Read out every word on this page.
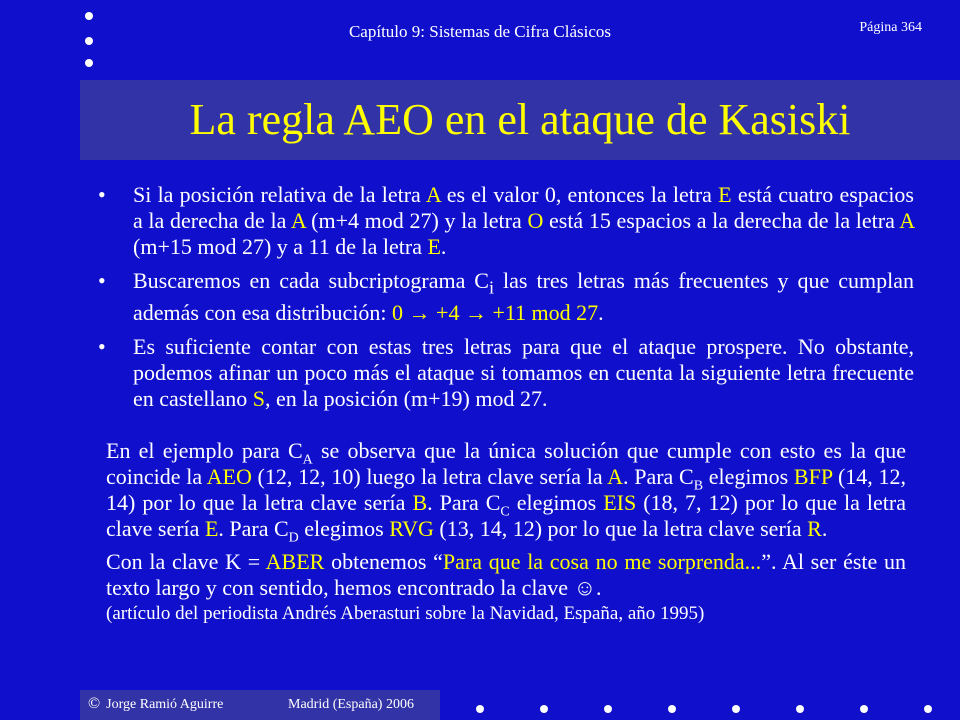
Capítulo 9: Sistemas de Cifra Clásicos	Página 364
La regla AEO en el ataque de Kasiski
• Si la posición relativa de la letra A es el valor 0, entonces la letra E está cuatro espacios a la derecha de la A (m+4 mod 27) y la letra O está 15 espacios a la derecha de la letra A (m+15 mod 27) y a 11 de la letra E.
• Buscaremos en cada subcriptograma $C_i$ las tres letras más frecuentes y que cumplan además con esa distribución: 0 → +4 → +11 mod 27.
• Es suficiente contar con estas tres letras para que el ataque prospere. No obstante, podemos afinar un poco más el ataque si tomamos en cuenta la siguiente letra frecuente en castellano S, en la posición (m+19) mod 27.

En el ejemplo para $C_A$ se observa que la única solución que cumple con esto es la que coincide la AEO (12, 12, 10) luego la letra clave sería la A. Para $C_B$ elegimos BFP (14, 12, 14) por lo que la letra clave sería B. Para $C_C$ elegimos EIS (18, 7, 12) por lo que la letra clave sería E. Para $C_D$ elegimos RVG (13, 14, 12) por lo que la letra clave sería R.

Con la clave K = ABER obtenemos “Para que la cosa no me sorprenda...”. Al ser éste un texto largo y con sentido, hemos encontrado la clave ☺.

(artículo del periodista Andrés Aberasturi sobre la Navidad, España, año 1995)

© Jorge Ramió Aguirre	Madrid (España) 2006
